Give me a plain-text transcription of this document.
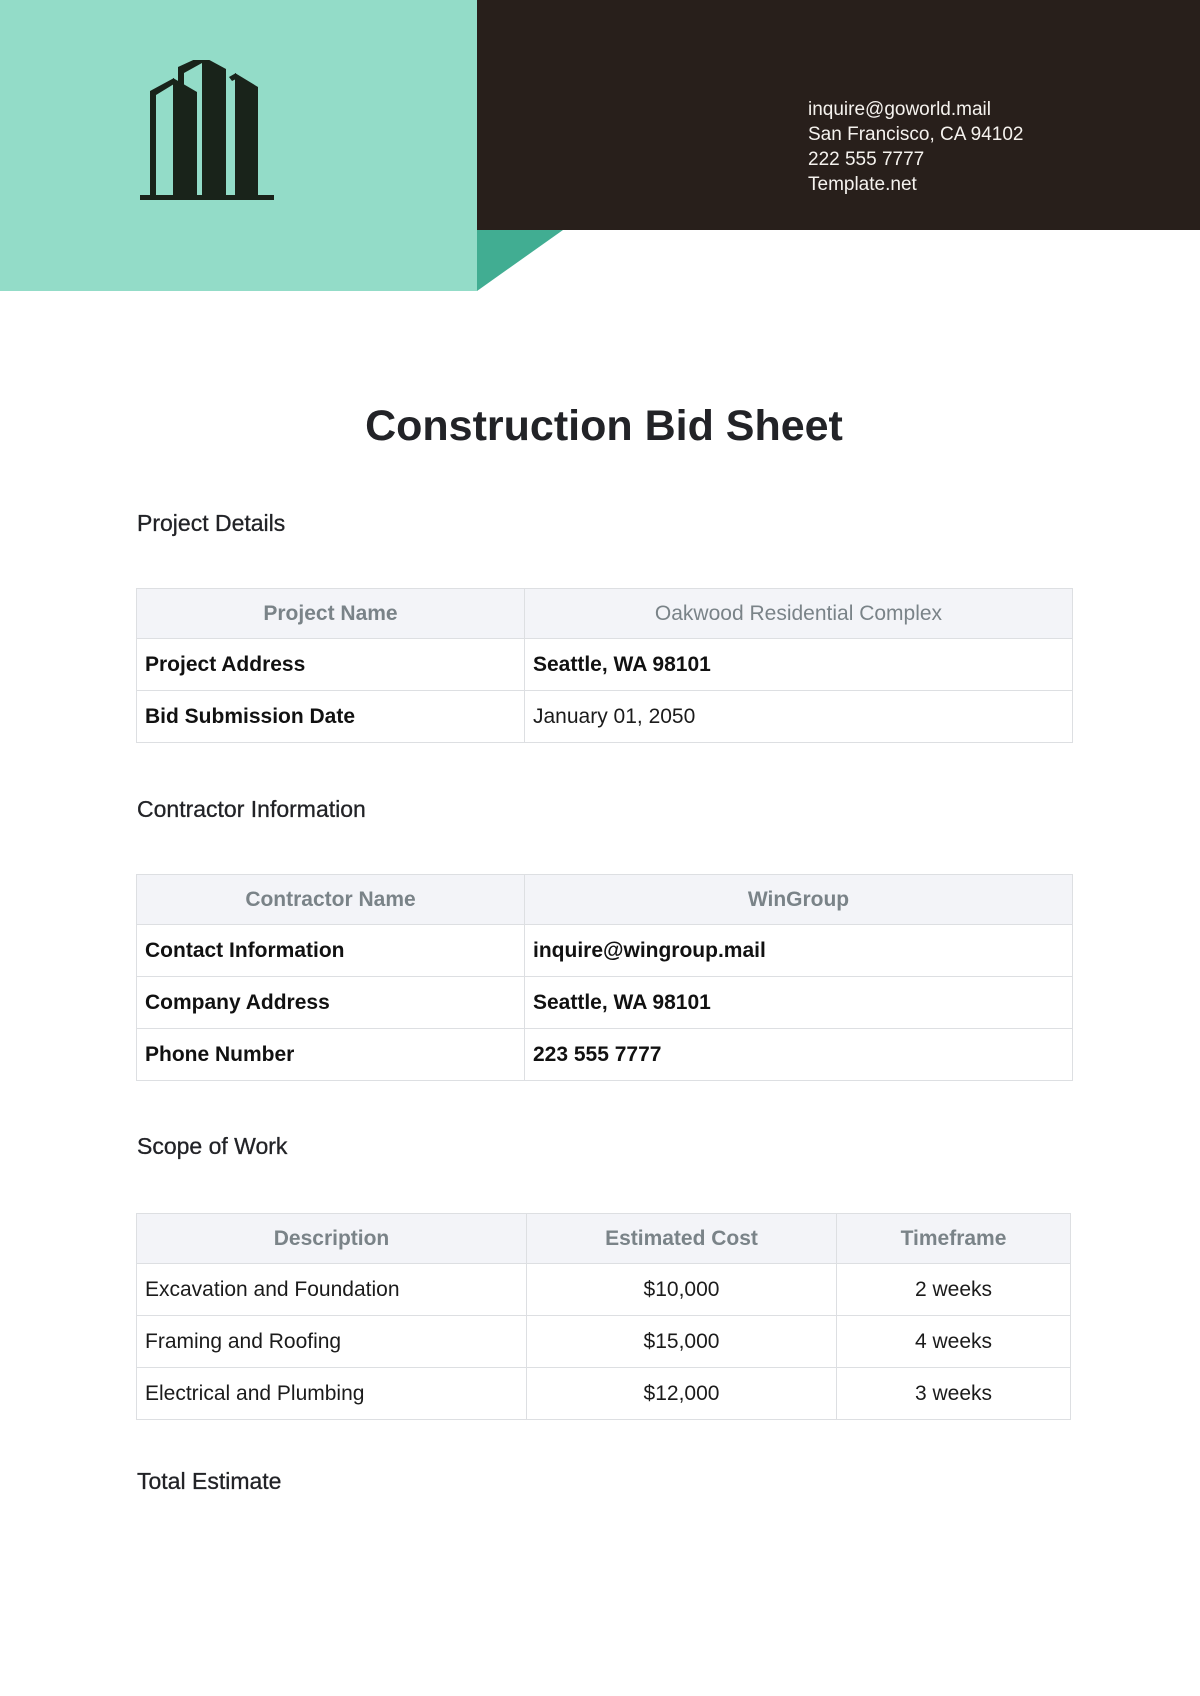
inquire@goworld.mail
San Francisco, CA 94102
222 555 7777
Template.net
Construction Bid Sheet
Project Details
Project Name	Oakwood Residential Complex
Project Address	Seattle, WA 98101
Bid Submission Date	January 01, 2050
Contractor Information
Contractor Name	WinGroup
Contact Information	inquire@wingroup.mail
Company Address	Seattle, WA 98101
Phone Number	223 555 7777
Scope of Work
Description	Estimated Cost	Timeframe
Excavation and Foundation	$10,000	2 weeks
Framing and Roofing	$15,000	4 weeks
Electrical and Plumbing	$12,000	3 weeks
Total Estimate
